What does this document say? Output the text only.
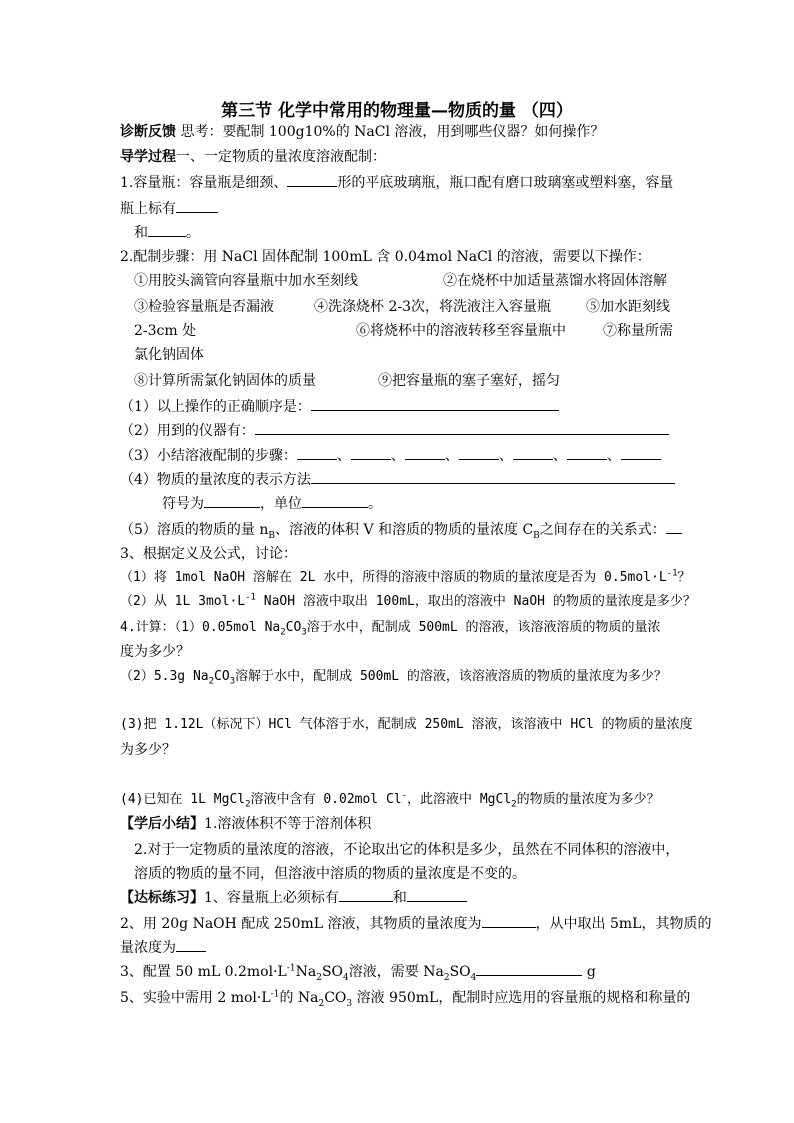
第三节 化学中常用的物理量—物质的量 （四）
诊断反馈 思考：要配制 100g10%的 NaCl 溶液，用到哪些仪器？如何操作？
导学过程一、一定物质的量浓度溶液配制：
1.容量瓶：容量瓶是细颈、	形的平底玻璃瓶，瓶口配有磨口玻璃塞或塑料塞，容量
瓶上标有
和	。
2.配制步骤：用 NaCl 固体配制 100mL 含 0.04mol NaCl 的溶液，需要以下操作：
①用胶头滴管向容量瓶中加水至刻线	②在烧杯中加适量蒸馏水将固体溶解
③检验容量瓶是否漏液	④洗涤烧杯 2-3次，将洗液注入容量瓶	⑤加水距刻线
2-3cm 处	⑥将烧杯中的溶液转移至容量瓶中	⑦称量所需
氯化钠固体
⑧计算所需氯化钠固体的质量	⑨把容量瓶的塞子塞好，摇匀
（1）以上操作的正确顺序是：
（2）用到的仪器有：
（3）小结溶液配制的步骤：	、	、	、	、	、	、
（4）物质的量浓度的表示方法
符号为	，单位	。
（5）溶质的物质的量 $n_B$、溶液的体积 V 和溶质的物质的量浓度 $C_B$之间存在的关系式：
3、根据定义及公式，讨论：
（1）将 1mol NaOH 溶解在 2L 水中，所得的溶液中溶质的物质的量浓度是否为 $0.5mol\cdot L^{-1}$？
（2）从 1L $3mol\cdot L^{-1}$ NaOH 溶液中取出 100mL，取出的溶液中 NaOH 的物质的量浓度是多少？
4.计算：（1）0.05mol $Na_2CO_3$溶于水中，配制成 500mL 的溶液，该溶液溶质的物质的量浓
度为多少？
（2）5.3g $Na_2CO_3$溶解于水中，配制成 500mL 的溶液，该溶液溶质的物质的量浓度为多少？
(3)把 1.12L（标况下）HCl 气体溶于水，配制成 250mL 溶液，该溶液中 HCl 的物质的量浓度
为多少？
(4)已知在 1L MgCl$_2$溶液中含有 0.02mol Cl-，此溶液中 MgCl$_2$的物质的量浓度为多少？
【学后小结】1.溶液体积不等于溶剂体积
2.对于一定物质的量浓度的溶液，不论取出它的体积是多少，虽然在不同体积的溶液中，
溶质的物质的量不同，但溶液中溶质的物质的量浓度是不变的。
【达标练习】1、容量瓶上必须标有	和
2、用 20g NaOH 配成 250mL 溶液，其物质的量浓度为	，从中取出 5mL，其物质的
量浓度为
3、配置 50 mL $0.2mol\cdot L^{-1}Na_2SO_4$溶液，需要 $Na_2SO_4$	g
5、实验中需用 2 $mol\cdot L^{-1}$的 $Na_2CO_3$ 溶液 950mL，配制时应选用的容量瓶的规格和称量的
